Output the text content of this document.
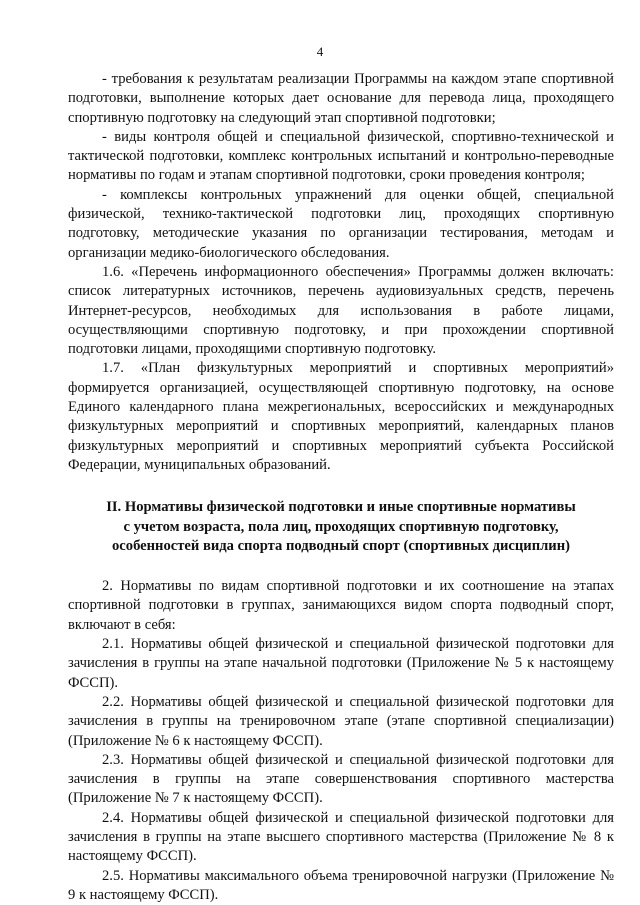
4

- требования к результатам реализации Программы на каждом этапе спортивной подготовки, выполнение которых дает основание для перевода лица, проходящего спортивную подготовку на следующий этап спортивной подготовки;

- виды контроля общей и специальной физической, спортивно-технической и тактической подготовки, комплекс контрольных испытаний и контрольно-переводные нормативы по годам и этапам спортивной подготовки, сроки проведения контроля;

- комплексы контрольных упражнений для оценки общей, специальной физической, технико-тактической подготовки лиц, проходящих спортивную подготовку, методические указания по организации тестирования, методам и организации медико-биологического обследования.

1.6. «Перечень информационного обеспечения» Программы должен включать: список литературных источников, перечень аудиовизуальных средств, перечень Интернет-ресурсов, необходимых для использования в работе лицами, осуществляющими спортивную подготовку, и при прохождении спортивной подготовки лицами, проходящими спортивную подготовку.

1.7. «План физкультурных мероприятий и спортивных мероприятий» формируется организацией, осуществляющей спортивную подготовку, на основе Единого календарного плана межрегиональных, всероссийских и международных физкультурных мероприятий и спортивных мероприятий, календарных планов физкультурных мероприятий и спортивных мероприятий субъекта Российской Федерации, муниципальных образований.

II. Нормативы физической подготовки и иные спортивные нормативы
с учетом возраста, пола лиц, проходящих спортивную подготовку,
особенностей вида спорта подводный спорт (спортивных дисциплин)

2. Нормативы по видам спортивной подготовки и их соотношение на этапах спортивной подготовки в группах, занимающихся видом спорта подводный спорт, включают в себя:

2.1. Нормативы общей физической и специальной физической подготовки для зачисления в группы на этапе начальной подготовки (Приложение № 5 к настоящему ФССП).

2.2. Нормативы общей физической и специальной физической подготовки для зачисления в группы на тренировочном этапе (этапе спортивной специализации) (Приложение № 6 к настоящему ФССП).

2.3. Нормативы общей физической и специальной физической подготовки для зачисления в группы на этапе совершенствования спортивного мастерства (Приложение № 7 к настоящему ФССП).

2.4. Нормативы общей физической и специальной физической подготовки для зачисления в группы на этапе высшего спортивного мастерства (Приложение № 8 к настоящему ФССП).

2.5. Нормативы максимального объема тренировочной нагрузки (Приложение № 9 к настоящему ФССП).
